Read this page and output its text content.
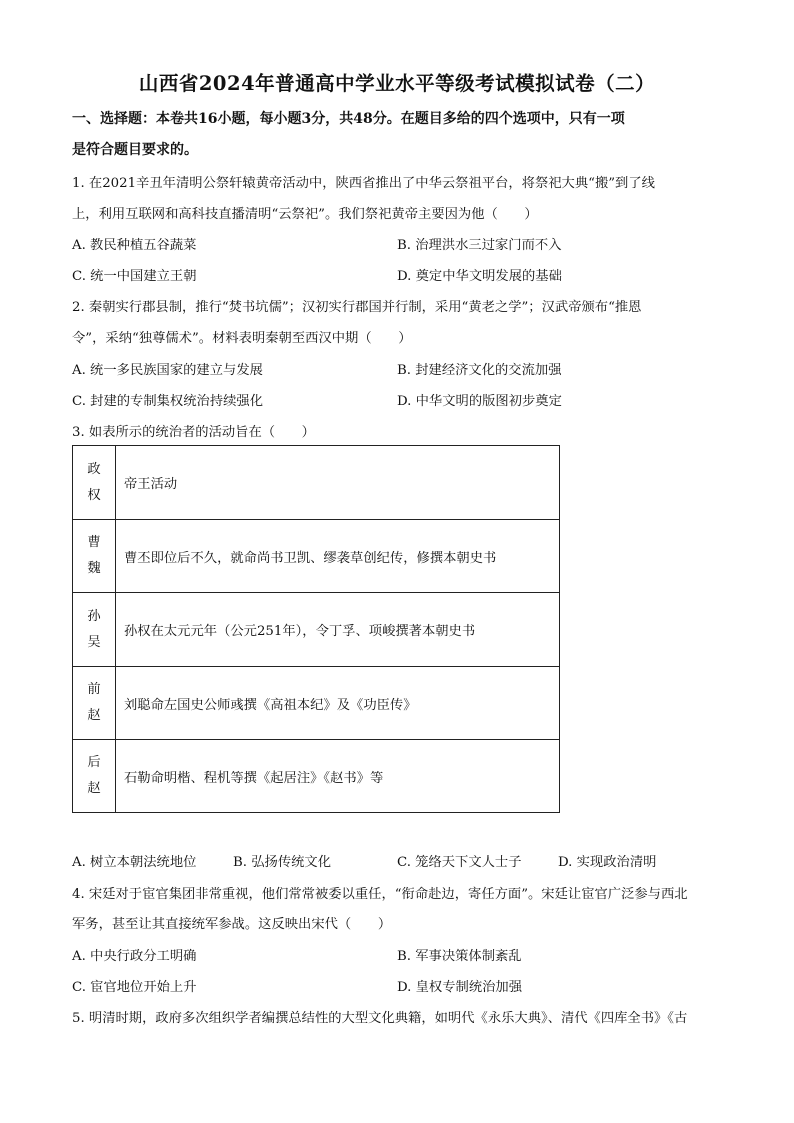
山西省2024年普通高中学业水平等级考试模拟试卷（二）
一、选择题：本卷共16小题，每小题3分，共48分。在题目多给的四个选项中，只有一项
是符合题目要求的。
1. 在2021辛丑年清明公祭轩辕黄帝活动中，陕西省推出了中华云祭祖平台，将祭祀大典“搬”到了线
上，利用互联网和高科技直播清明“云祭祀”。我们祭祀黄帝主要因为他（　　）
A. 教民种植五谷蔬菜	B. 治理洪水三过家门而不入
C. 统一中国建立王朝	D. 奠定中华文明发展的基础
2. 秦朝实行郡县制，推行“焚书坑儒”；汉初实行郡国并行制，采用“黄老之学”；汉武帝颁布“推恩
令”，采纳“独尊儒术”。材料表明秦朝至西汉中期（　　）
A. 统一多民族国家的建立与发展	B. 封建经济文化的交流加强
C. 封建的专制集权统治持续强化	D. 中华文明的版图初步奠定
3. 如表所示的统治者的活动旨在（　　）
政
权	帝王活动

曹
魏	曹丕即位后不久，就命尚书卫凯、缪袭草创纪传，修撰本朝史书

孙
吴	孙权在太元元年（公元251年），令丁孚、项峻撰著本朝史书

前
赵	刘聪命左国史公师彧撰《高祖本纪》及《功臣传》

后
赵	石勒命明楷、程机等撰《起居注》《赵书》等
A. 树立本朝法统地位	B. 弘扬传统文化	C. 笼络天下文人士子	D. 实现政治清明
4. 宋廷对于宦官集团非常重视，他们常常被委以重任，“衔命赴边，寄任方面”。宋廷让宦官广泛参与西北
军务，甚至让其直接统军参战。这反映出宋代（　　）
A. 中央行政分工明确	B. 军事决策体制紊乱
C. 宦官地位开始上升	D. 皇权专制统治加强
5. 明清时期，政府多次组织学者编撰总结性的大型文化典籍，如明代《永乐大典》、清代《四库全书》《古
